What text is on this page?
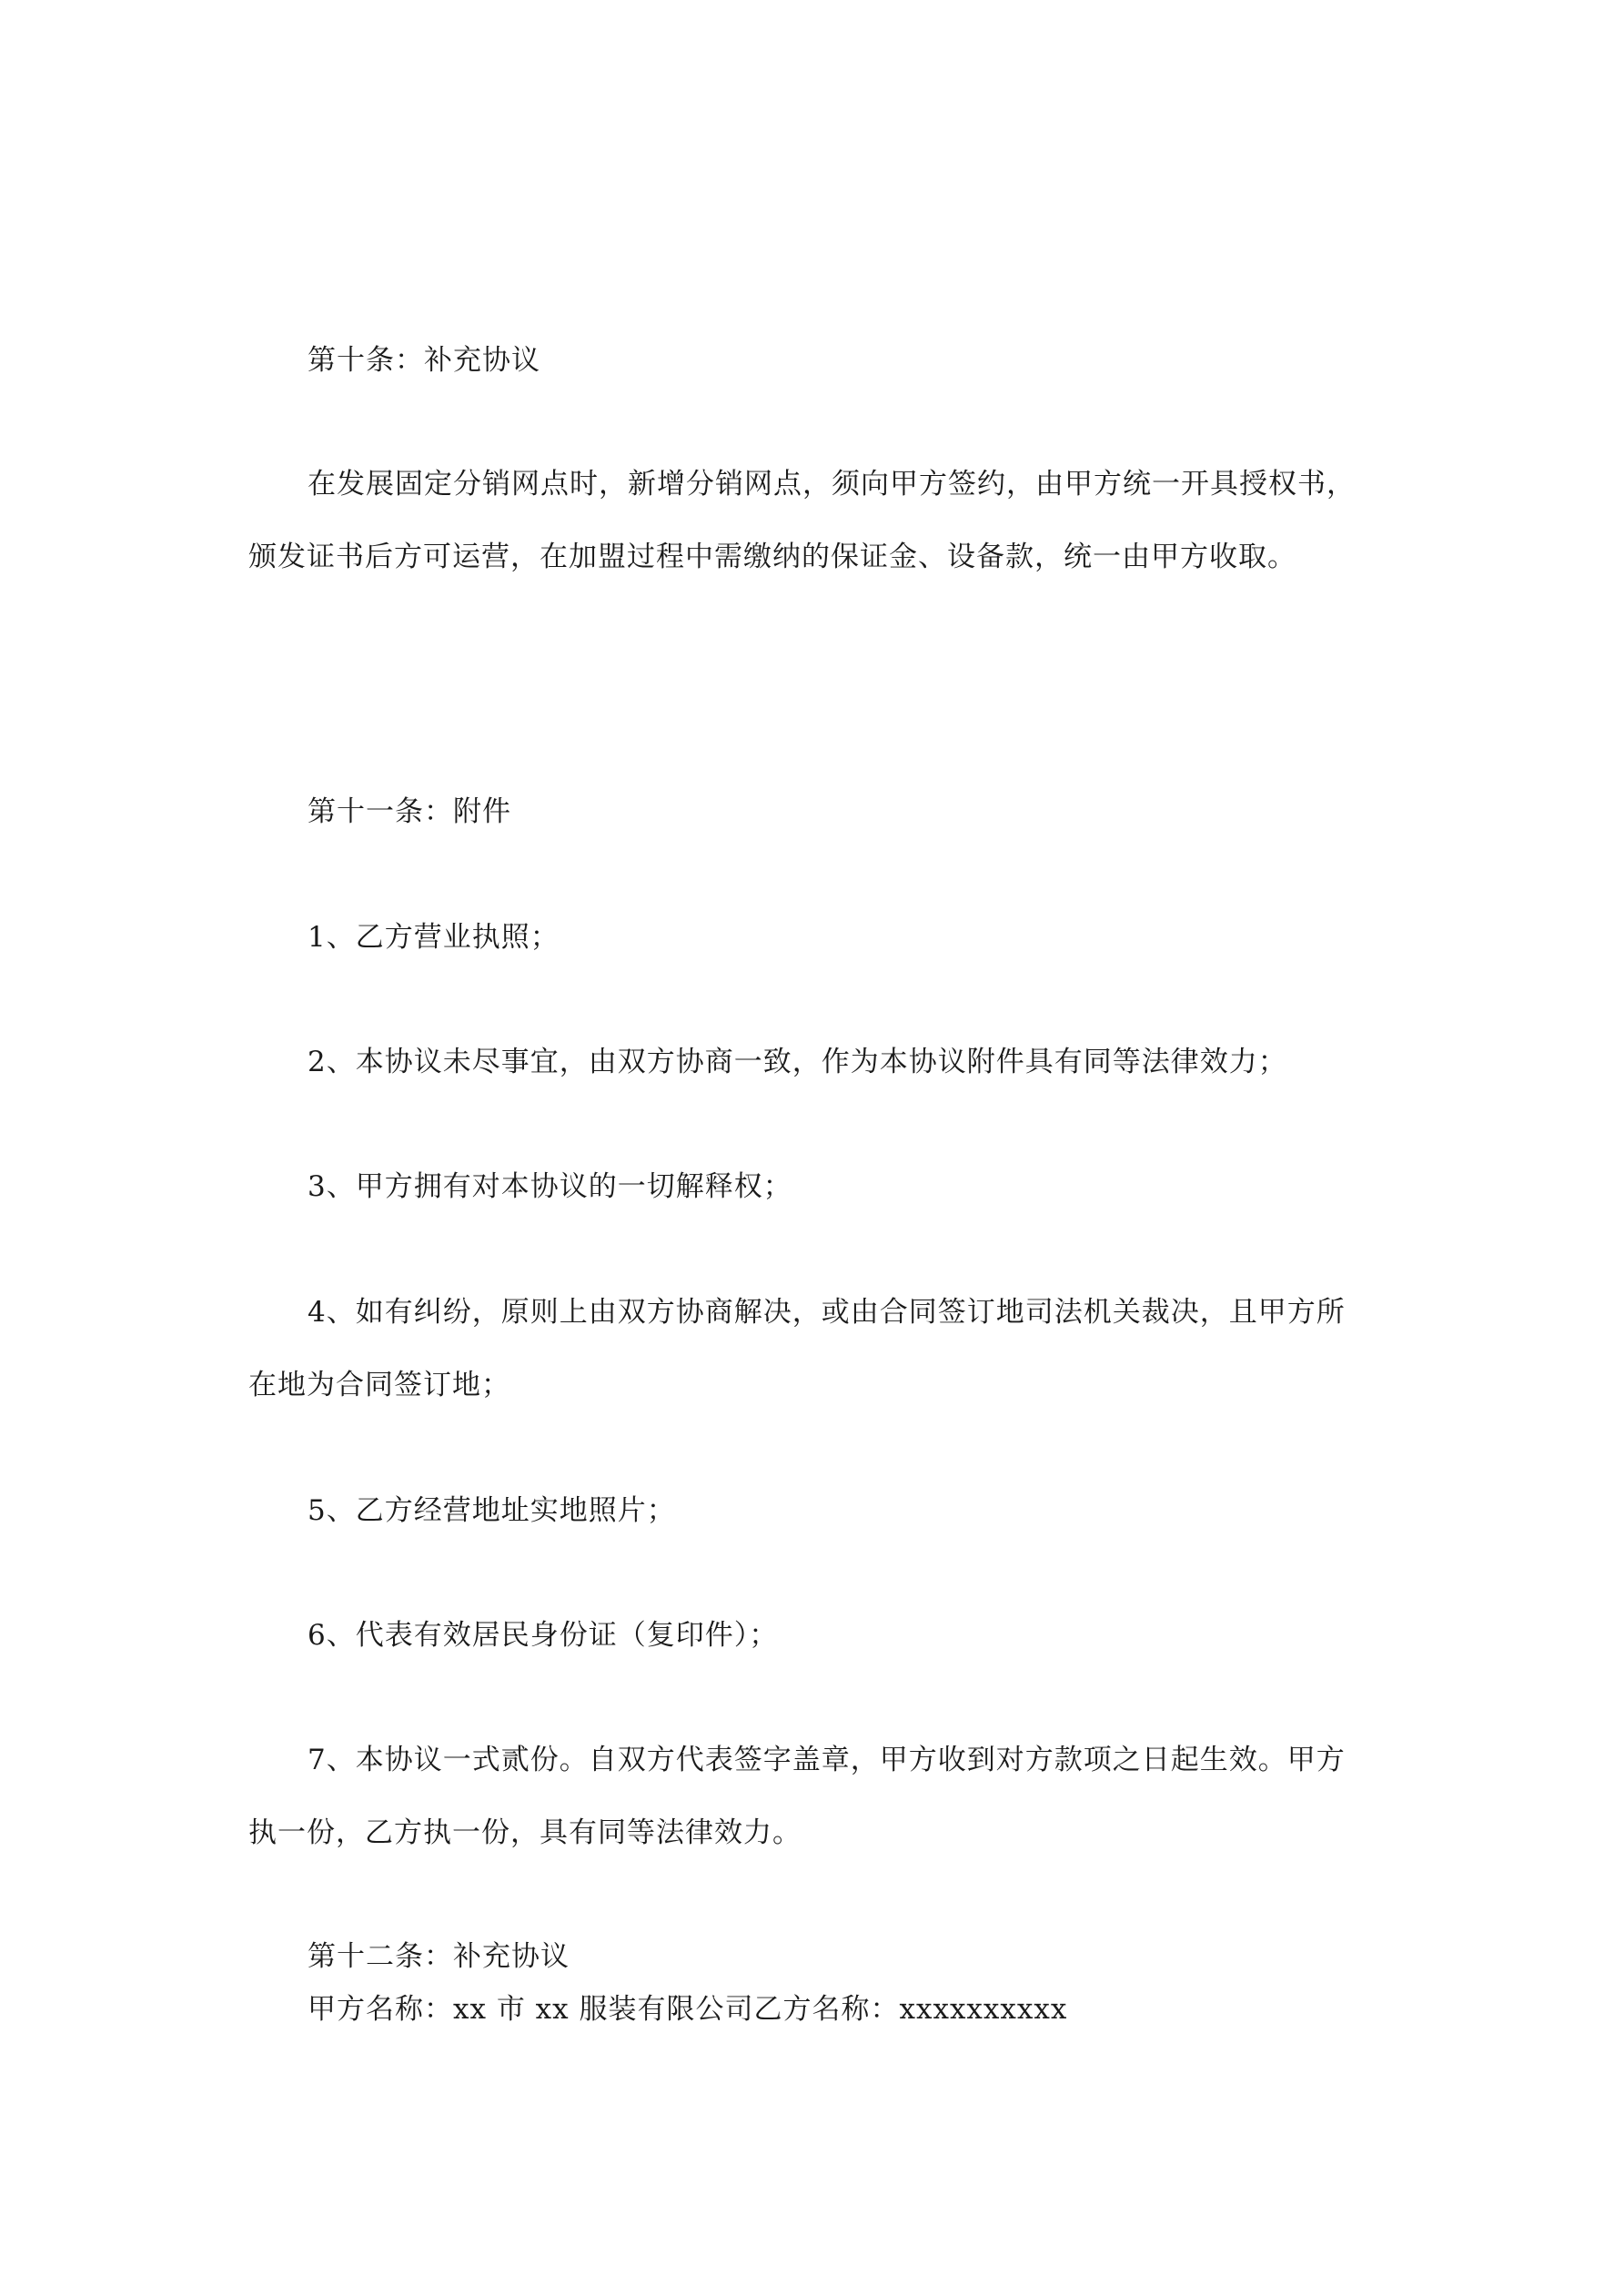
第十条：补充协议
在发展固定分销网点时，新增分销网点，须向甲方签约，由甲方统一开具授权书，
颁发证书后方可运营，在加盟过程中需缴纳的保证金、设备款，统一由甲方收取。
第十一条：附件
1、乙方营业执照；
2、本协议未尽事宜，由双方协商一致，作为本协议附件具有同等法律效力；
3、甲方拥有对本协议的一切解释权；
4、如有纠纷，原则上由双方协商解决，或由合同签订地司法机关裁决，且甲方所
在地为合同签订地；
5、乙方经营地址实地照片；
6、代表有效居民身份证（复印件）；
7、本协议一式贰份。自双方代表签字盖章，甲方收到对方款项之日起生效。甲方
执一份，乙方执一份，具有同等法律效力。
第十二条：补充协议
甲方名称：xx 市 xx 服装有限公司乙方名称：xxxxxxxxxx
